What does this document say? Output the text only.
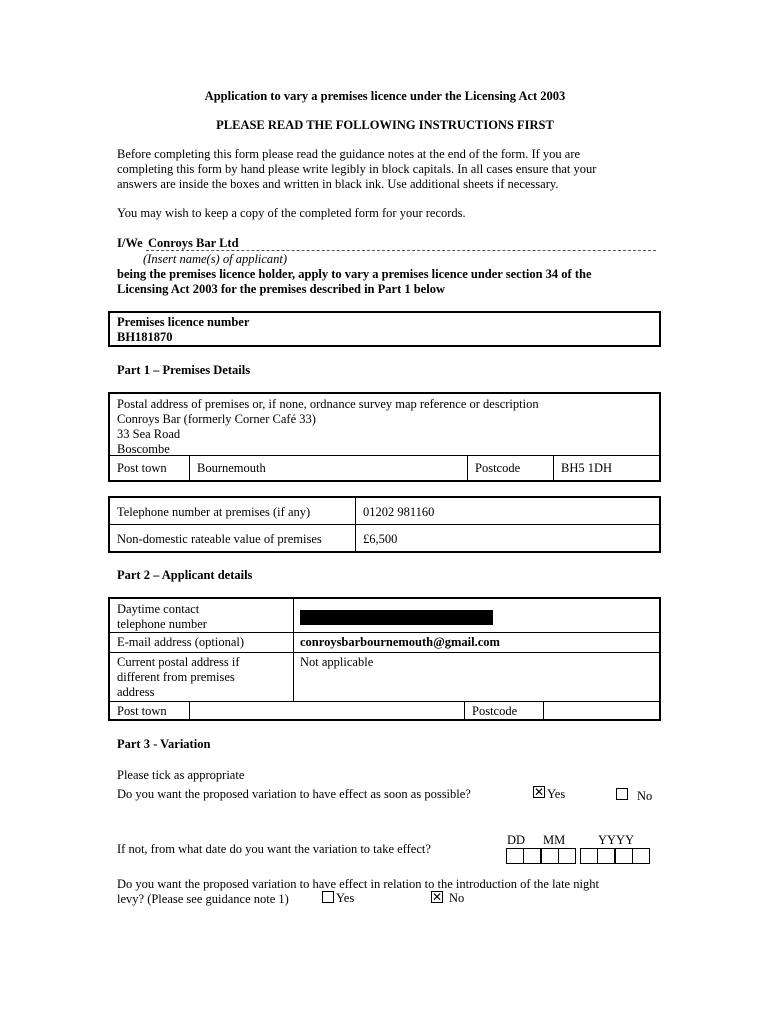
Application to vary a premises licence under the Licensing Act 2003
PLEASE READ THE FOLLOWING INSTRUCTIONS FIRST
Before completing this form please read the guidance notes at the end of the form. If you are
completing this form by hand please write legibly in block capitals. In all cases ensure that your
answers are inside the boxes and written in black ink. Use additional sheets if necessary.
You may wish to keep a copy of the completed form for your records.
I/We Conroys Bar Ltd
(Insert name(s) of applicant)
being the premises licence holder, apply to vary a premises licence under section 34 of the
Licensing Act 2003 for the premises described in Part 1 below
Premises licence number
BH181870
Part 1 – Premises Details
Postal address of premises or, if none, ordnance survey map reference or description
Conroys Bar (formerly Corner Café 33)
33 Sea Road
Boscombe
Post town Bournemouth	Postcode	BH5 1DH
Telephone number at premises (if any)	01202 981160
Non-domestic rateable value of premises	£6,500
Part 2 – Applicant details
Daytime contact
telephone number
E-mail address (optional)	conroysbarbournemouth@gmail.com
Current postal address if
different from premises
address
Not applicable
Post town	Postcode
Part 3 - Variation
Please tick as appropriate
Do you want the proposed variation to have effect as soon as possible?	✕ Yes	No
If not, from what date do you want the variation to take effect?
DD MM	YYYY
Do you want the proposed variation to have effect in relation to the introduction of the late night
levy? (Please see guidance note 1)	Yes	✕ No
